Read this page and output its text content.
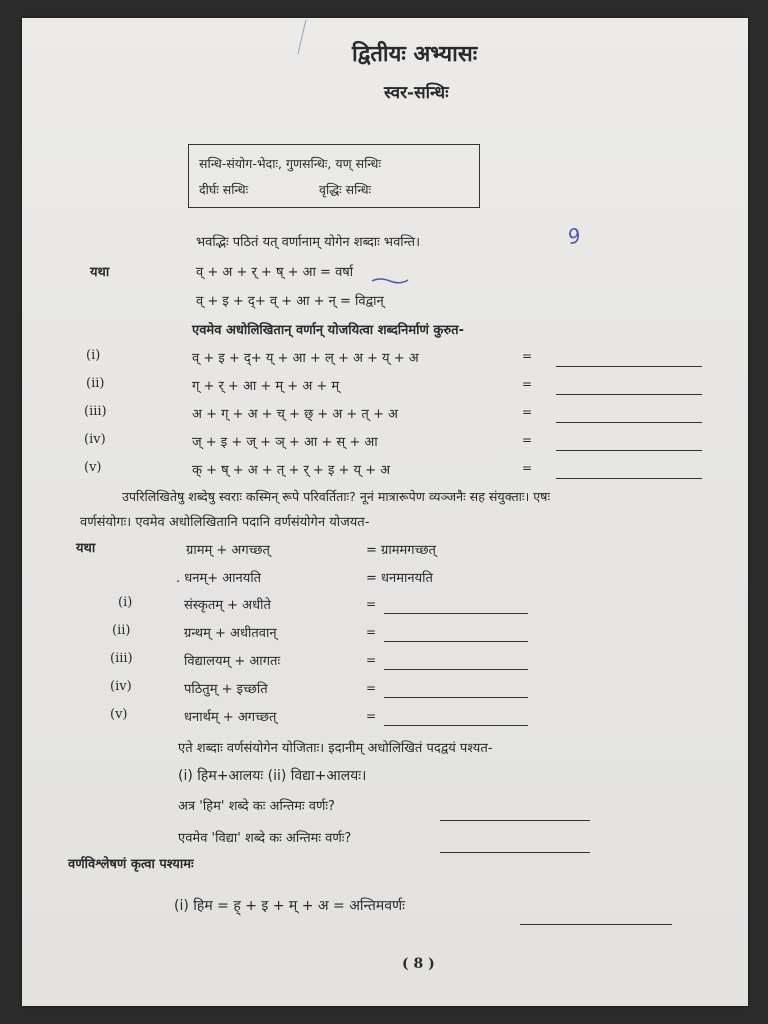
द्वितीयः अभ्यासः
स्वर-सन्धिः
सन्धि-संयोग-भेदाः, गुणसन्धिः, यण् सन्धिः
दीर्घः सन्धिः	वृद्धिः सन्धिः
भवद्भिः पठितं यत् वर्णानाम् योगेन शब्दाः भवन्ति।	9
यथा	व् + अ + र् + ष् + आ = वर्षा
व् + इ + द्+ व् + आ + न् = विद्वान्
एवमेव अधोलिखितान् वर्णान् योजयित्वा शब्दनिर्माणं कुरुत-
(i)	व् + इ + द्+ य् + आ + ल् + अ + य् + अ	=
(ii)	ग् + र् + आ + म् + अ + म्	=
(iii)	अ + ग् + अ + च् + छ् + अ + त् + अ	=
(iv)	ज् + इ + ज् + ञ् + आ + स् + आ	=
(v)	क् + ष् + अ + त् + र् + इ + य् + अ	=
उपरिलिखितेषु शब्देषु स्वराः कस्मिन् रूपे परिवर्तिताः? नूनं मात्रारूपेण व्यञ्जनैः सह संयुक्ताः। एषः
वर्णसंयोगः। एवमेव अधोलिखितानि पदानि वर्णसंयोगेन योजयत-
यथा	ग्रामम् + अगच्छत्	= ग्राममगच्छत्
. धनम्+ आनयति	= धनमानयति
(i)	संस्कृतम् + अधीते	=
(ii)	ग्रन्थम् + अधीतवान्	=
(iii)	विद्यालयम् + आगतः	=
(iv)	पठितुम् + इच्छति	=
(v)	धनार्थम् + अगच्छत्	=
एते शब्दाः वर्णसंयोगेन योजिताः। इदानीम् अधोलिखितं पदद्वयं पश्यत-
(i) हिम+आलयः (ii) विद्या+आलयः।
अत्र 'हिम' शब्दे कः अन्तिमः वर्णः?
एवमेव 'विद्या' शब्दे कः अन्तिमः वर्णः?
वर्णविश्लेषणं कृत्वा पश्यामः
(i) हिम = ह् + इ + म् + अ = अन्तिमवर्णः
( 8 )
